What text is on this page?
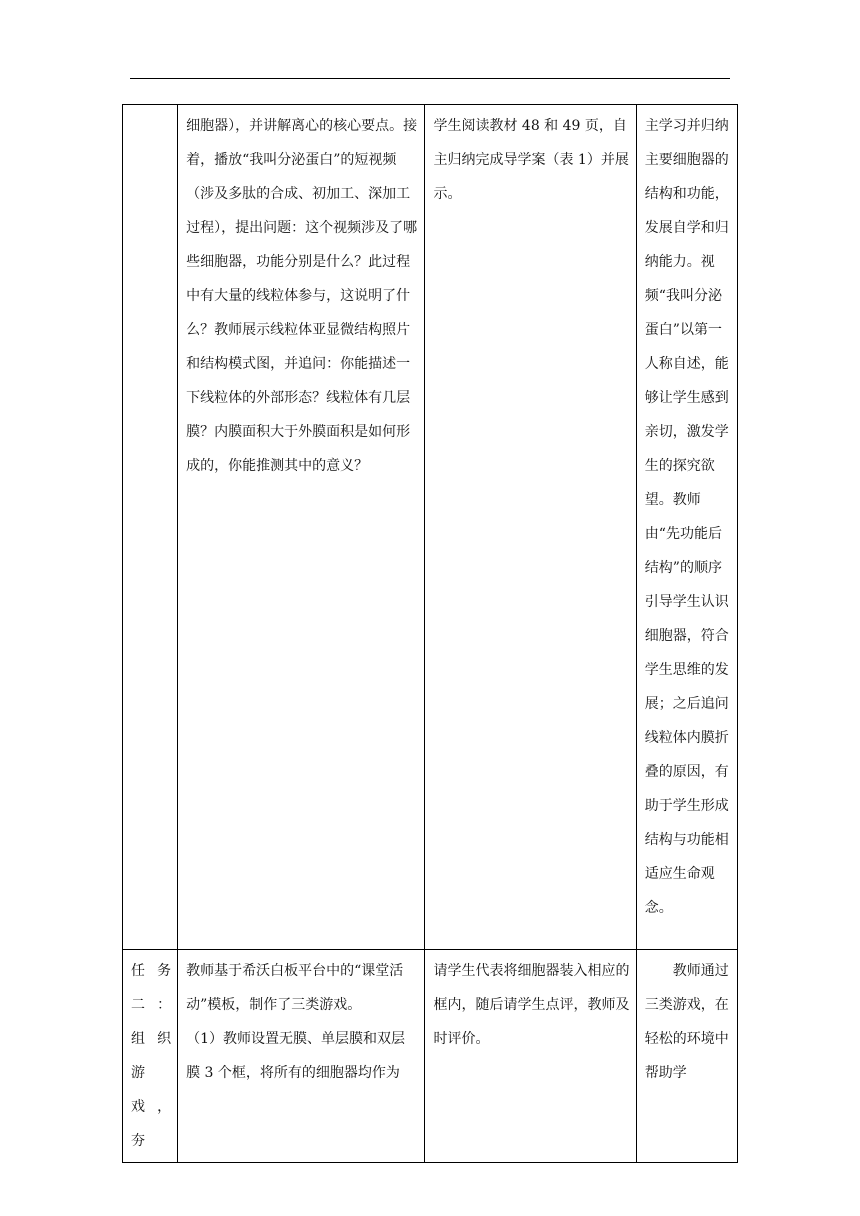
	细胞器），并讲解离心的核心要点。接着，播放“我叫分泌蛋白”的短视频（涉及多肽的合成、初加工、深加工过程），提出问题：这个视频涉及了哪些细胞器，功能分别是什么？此过程中有大量的线粒体参与，这说明了什么？教师展示线粒体亚显微结构照片和结构模式图，并追问：你能描述一下线粒体的外部形态？线粒体有几层膜？内膜面积大于外膜面积是如何形成的，你能推测其中的意义？	学生阅读教材 48 和 49 页，自主归纳完成导学案（表 1）并展示。	主学习并归纳主要细胞器的结构和功能，发展自学和归纳能力。视频“我叫分泌蛋白”以第一人称自述，能够让学生感到亲切，激发学生的探究欲望。教师由“先功能后结构”的顺序引导学生认识细胞器，符合学生思维的发展；之后追问线粒体内膜折叠的原因，有助于学生形成结构与功能相适应生命观念。

任务二：组织游戏，夯	教师基于希沃白板平台中的“课堂活动”模板，制作了三类游戏。
（1）教师设置无膜、单层膜和双层膜 3 个框，将所有的细胞器均作为	请学生代表将细胞器装入相应的框内，随后请学生点评，教师及时评价。	教师通过三类游戏，在轻松的环境中帮助学
